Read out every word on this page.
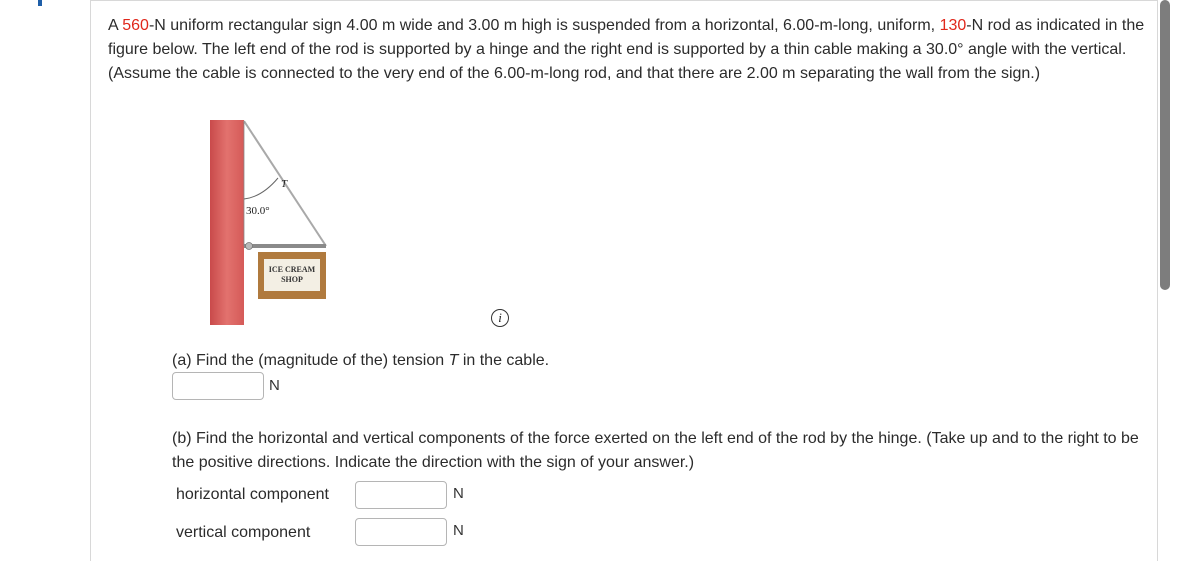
A 560-N uniform rectangular sign 4.00 m wide and 3.00 m high is suspended from a horizontal, 6.00-m-long, uniform, 130-N rod as indicated in the figure below. The left end of the rod is supported by a hinge and the right end is supported by a thin cable making a 30.0° angle with the vertical. (Assume the cable is connected to the very end of the 6.00-m-long rod, and that there are 2.00 m separating the wall from the sign.)

T
30.0°
ICE CREAM
SHOP
i
(a) Find the (magnitude of the) tension T in the cable.
N
(b) Find the horizontal and vertical components of the force exerted on the left end of the rod by the hinge. (Take up and to the right to be the positive directions. Indicate the direction with the sign of your answer.)
horizontal component	N
vertical component	N
